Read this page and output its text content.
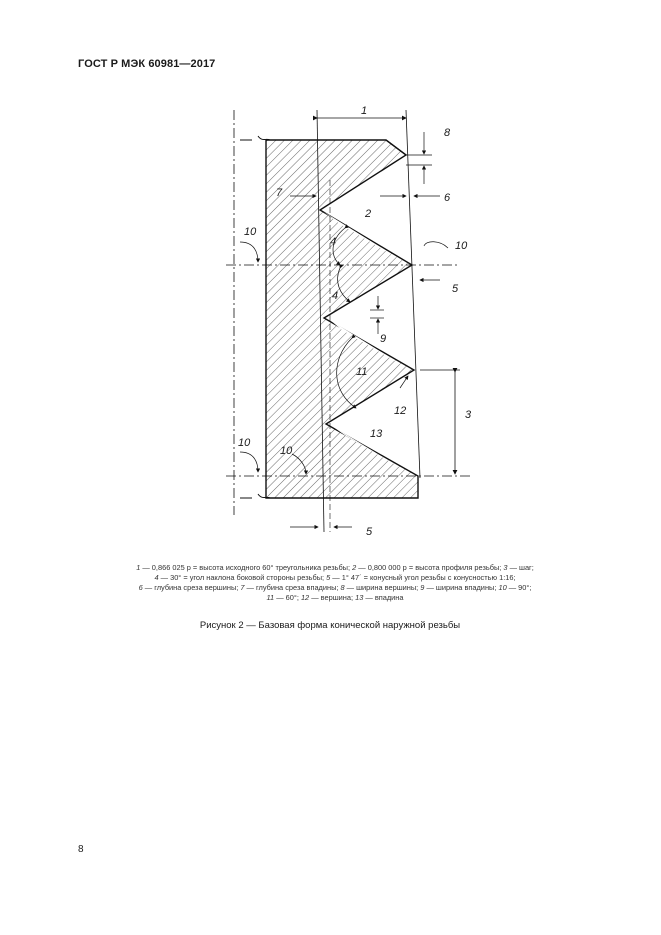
ГОСТ Р МЭК 60981—2017
1
2
3
4
4
5
5
6
7
8
9
10
10
10
10
11
12
13
1 — 0,866 025 p = высота исходного 60° треугольника резьбы; 2 — 0,800 000 p = высота профиля резьбы; 3 — шаг;
4 — 30° = угол наклона боковой стороны резьбы; 5 — 1° 47´ = конусный угол резьбы с конусностью 1:16;
6 — глубина среза вершины; 7 — глубина среза впадины; 8 — ширина вершины; 9 — ширина впадины; 10 — 90°;
11 — 60°; 12 — вершина; 13 — впадина
Рисунок 2 — Базовая форма конической наружной резьбы
8
